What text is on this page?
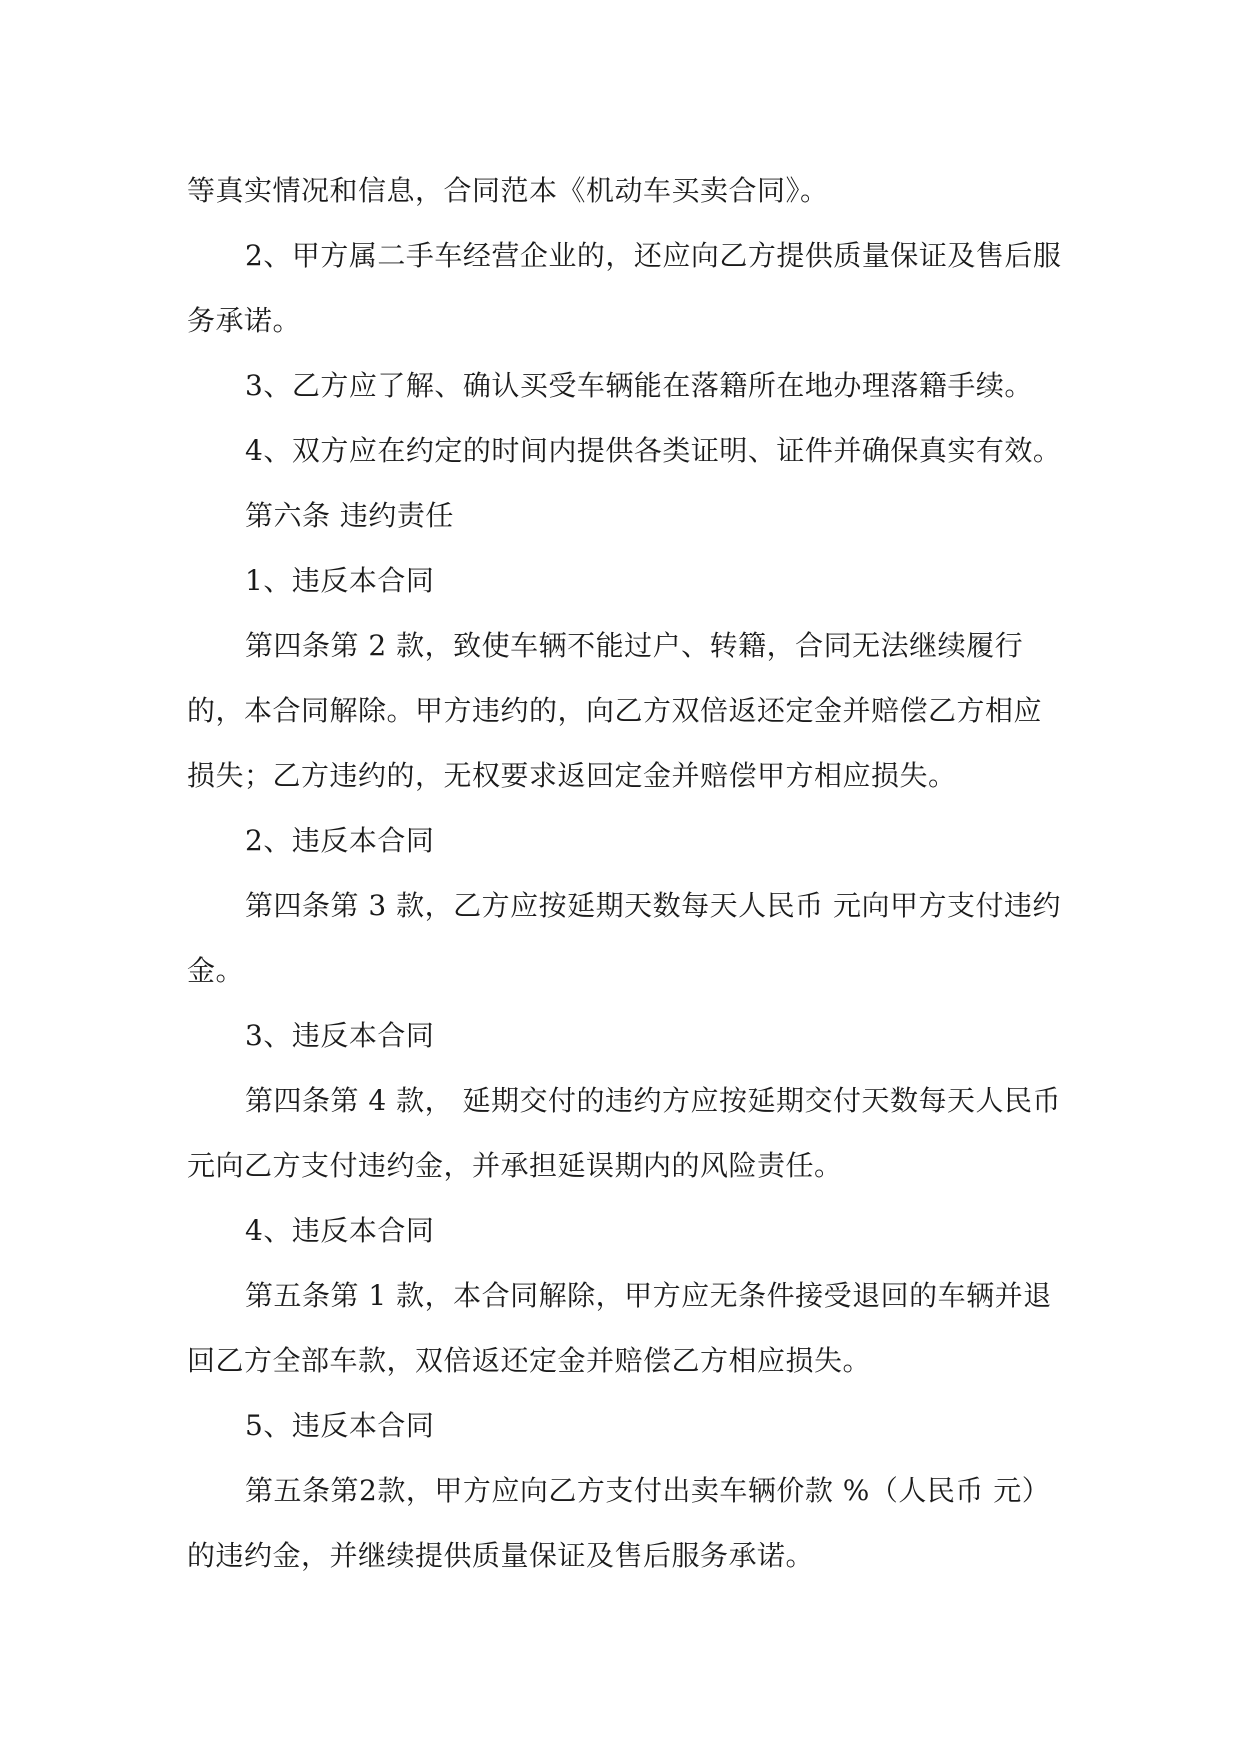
等真实情况和信息，合同范本《机动车买卖合同》。

2、甲方属二手车经营企业的，还应向乙方提供质量保证及售后服务承诺。

3、乙方应了解、确认买受车辆能在落籍所在地办理落籍手续。

4、双方应在约定的时间内提供各类证明、证件并确保真实有效。

第六条 违约责任

1、违反本合同

第四条第 2 款，致使车辆不能过户、转籍，合同无法继续履行的，本合同解除。甲方违约的，向乙方双倍返还定金并赔偿乙方相应损失；乙方违约的，无权要求返回定金并赔偿甲方相应损失。

2、违反本合同

第四条第 3 款，乙方应按延期天数每天人民币 元向甲方支付违约金。

3、违反本合同

第四条第 4 款， 延期交付的违约方应按延期交付天数每天人民币 元向乙方支付违约金，并承担延误期内的风险责任。

4、违反本合同

第五条第 1 款，本合同解除，甲方应无条件接受退回的车辆并退回乙方全部车款，双倍返还定金并赔偿乙方相应损失。

5、违反本合同

第五条第2款，甲方应向乙方支付出卖车辆价款 %（人民币 元）的违约金，并继续提供质量保证及售后服务承诺。
